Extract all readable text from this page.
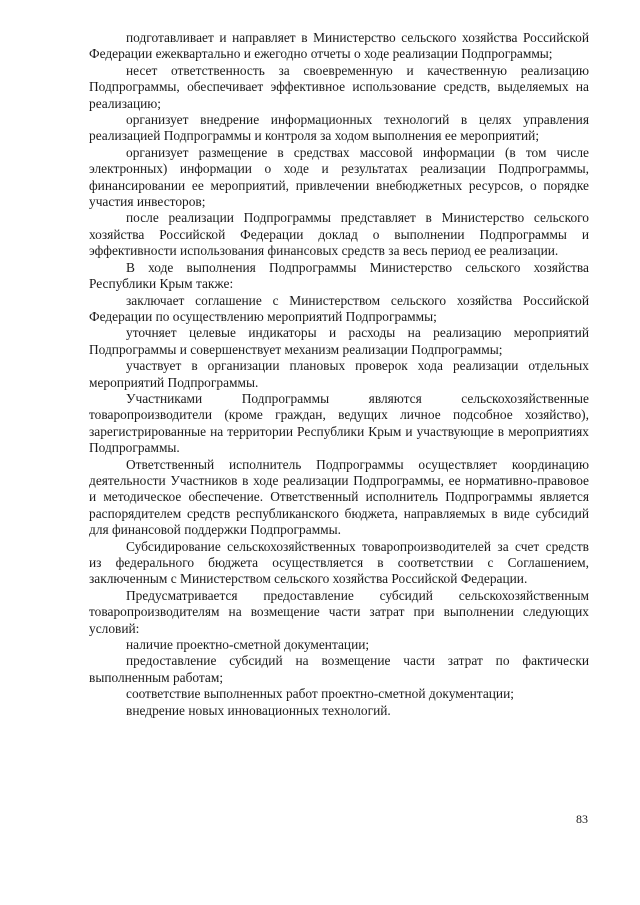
подготавливает и направляет в Министерство сельского хозяйства Российской Федерации ежеквартально и ежегодно отчеты о ходе реализации Подпрограммы;

несет ответственность за своевременную и качественную реализацию Подпрограммы, обеспечивает эффективное использование средств, выделяемых на реализацию;

организует внедрение информационных технологий в целях управления реализацией Подпрограммы и контроля за ходом выполнения ее мероприятий;

организует размещение в средствах массовой информации (в том числе электронных) информации о ходе и результатах реализации Подпрограммы, финансировании ее мероприятий, привлечении внебюджетных ресурсов, о порядке участия инвесторов;

после реализации Подпрограммы представляет в Министерство сельского хозяйства Российской Федерации доклад о выполнении Подпрограммы и эффективности использования финансовых средств за весь период ее реализации.

В ходе выполнения Подпрограммы Министерство сельского хозяйства Республики Крым также:

заключает соглашение с Министерством сельского хозяйства Российской Федерации по осуществлению мероприятий Подпрограммы;

уточняет целевые индикаторы и расходы на реализацию мероприятий Подпрограммы и совершенствует механизм реализации Подпрограммы;

участвует в организации плановых проверок хода реализации отдельных мероприятий Подпрограммы.

Участниками Подпрограммы являются сельскохозяйственные товаропроизводители (кроме граждан, ведущих личное подсобное хозяйство), зарегистрированные на территории Республики Крым и участвующие в мероприятиях Подпрограммы.

Ответственный исполнитель Подпрограммы осуществляет координацию деятельности Участников в ходе реализации Подпрограммы, ее нормативно-правовое и методическое обеспечение. Ответственный исполнитель Подпрограммы является распорядителем средств республиканского бюджета, направляемых в виде субсидий для финансовой поддержки Подпрограммы.

Субсидирование сельскохозяйственных товаропроизводителей за счет средств из федерального бюджета осуществляется в соответствии с Соглашением, заключенным с Министерством сельского хозяйства Российской Федерации.

Предусматривается предоставление субсидий сельскохозяйственным товаропроизводителям на возмещение части затрат при выполнении следующих условий:

наличие проектно-сметной документации;

предоставление субсидий на возмещение части затрат по фактически выполненным работам;

соответствие выполненных работ проектно-сметной документации;

внедрение новых инновационных технологий.

83
